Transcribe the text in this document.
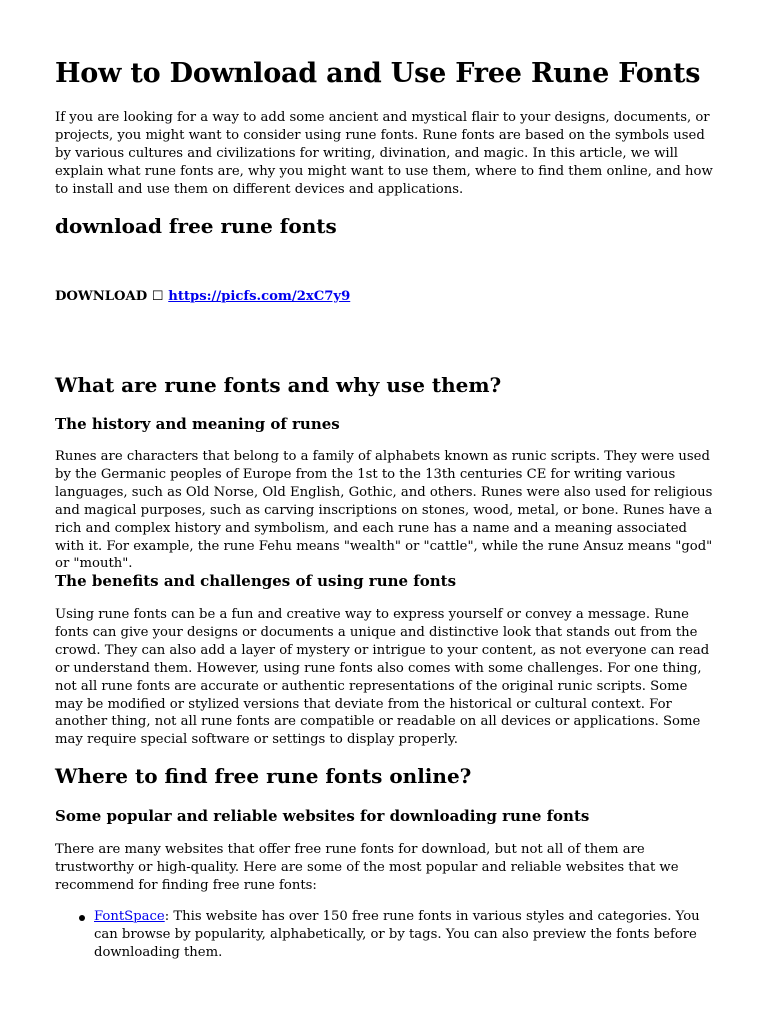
How to Download and Use Free Rune Fonts

If you are looking for a way to add some ancient and mystical flair to your designs, documents, or projects, you might want to consider using rune fonts. Rune fonts are based on the symbols used by various cultures and civilizations for writing, divination, and magic. In this article, we will explain what rune fonts are, why you might want to use them, where to find them online, and how to install and use them on different devices and applications.

download free rune fonts
DOWNLOAD ☐ https://picfs.com/2xC7y9
What are rune fonts and why use them?
The history and meaning of runes

Runes are characters that belong to a family of alphabets known as runic scripts. They were used by the Germanic peoples of Europe from the 1st to the 13th centuries CE for writing various languages, such as Old Norse, Old English, Gothic, and others. Runes were also used for religious and magical purposes, such as carving inscriptions on stones, wood, metal, or bone. Runes have a rich and complex history and symbolism, and each rune has a name and a meaning associated with it. For example, the rune Fehu means "wealth" or "cattle", while the rune Ansuz means "god" or "mouth".

The benefits and challenges of using rune fonts

Using rune fonts can be a fun and creative way to express yourself or convey a message. Rune fonts can give your designs or documents a unique and distinctive look that stands out from the crowd. They can also add a layer of mystery or intrigue to your content, as not everyone can read or understand them. However, using rune fonts also comes with some challenges. For one thing, not all rune fonts are accurate or authentic representations of the original runic scripts. Some may be modified or stylized versions that deviate from the historical or cultural context. For another thing, not all rune fonts are compatible or readable on all devices or applications. Some may require special software or settings to display properly.

Where to find free rune fonts online?
Some popular and reliable websites for downloading rune fonts

There are many websites that offer free rune fonts for download, but not all of them are trustworthy or high-quality. Here are some of the most popular and reliable websites that we recommend for finding free rune fonts:

FontSpace: This website has over 150 free rune fonts in various styles and categories. You can browse by popularity, alphabetically, or by tags. You can also preview the fonts before downloading them.
